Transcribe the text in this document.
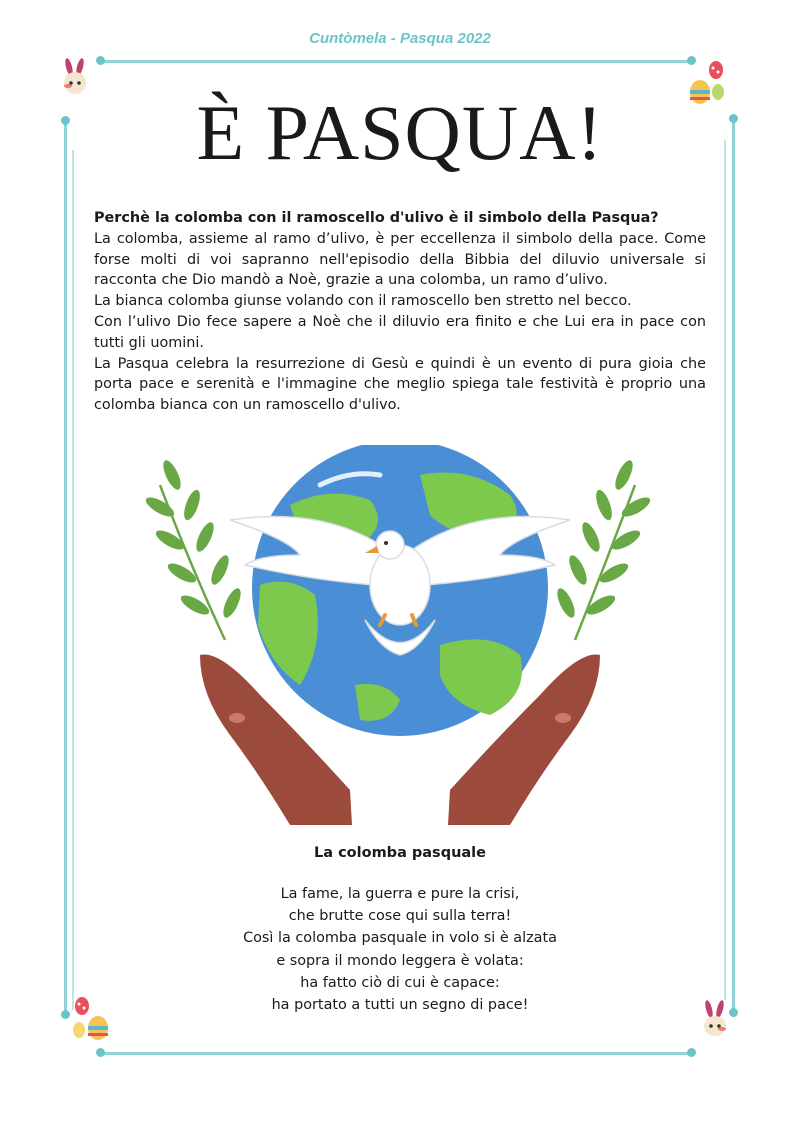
Cuntòmela - Pasqua 2022
È PASQUA!

Perchè la colomba con il ramoscello d'ulivo è il simbolo della Pasqua?

La colomba, assieme al ramo d’ulivo, è per eccellenza il simbolo della pace. Come forse molti di voi sapranno nell'episodio della Bibbia del diluvio universale si racconta che Dio mandò a Noè, grazie a una colomba, un ramo d’ulivo.

La bianca colomba giunse volando con il ramoscello ben stretto nel becco.

Con l’ulivo Dio fece sapere a Noè che il diluvio era finito e che Lui era in pace con tutti gli uomini.

La Pasqua celebra la resurrezione di Gesù e quindi è un evento di pura gioia che porta pace e serenità e l'immagine che meglio spiega tale festività è proprio una colomba bianca con un ramoscello d'ulivo.

La colomba pasquale
La fame, la guerra e pure la crisi,
che brutte cose qui sulla terra!
Così la colomba pasquale in volo si è alzata
e sopra il mondo leggera è volata:
ha fatto ciò di cui è capace:
ha portato a tutti un segno di pace!
